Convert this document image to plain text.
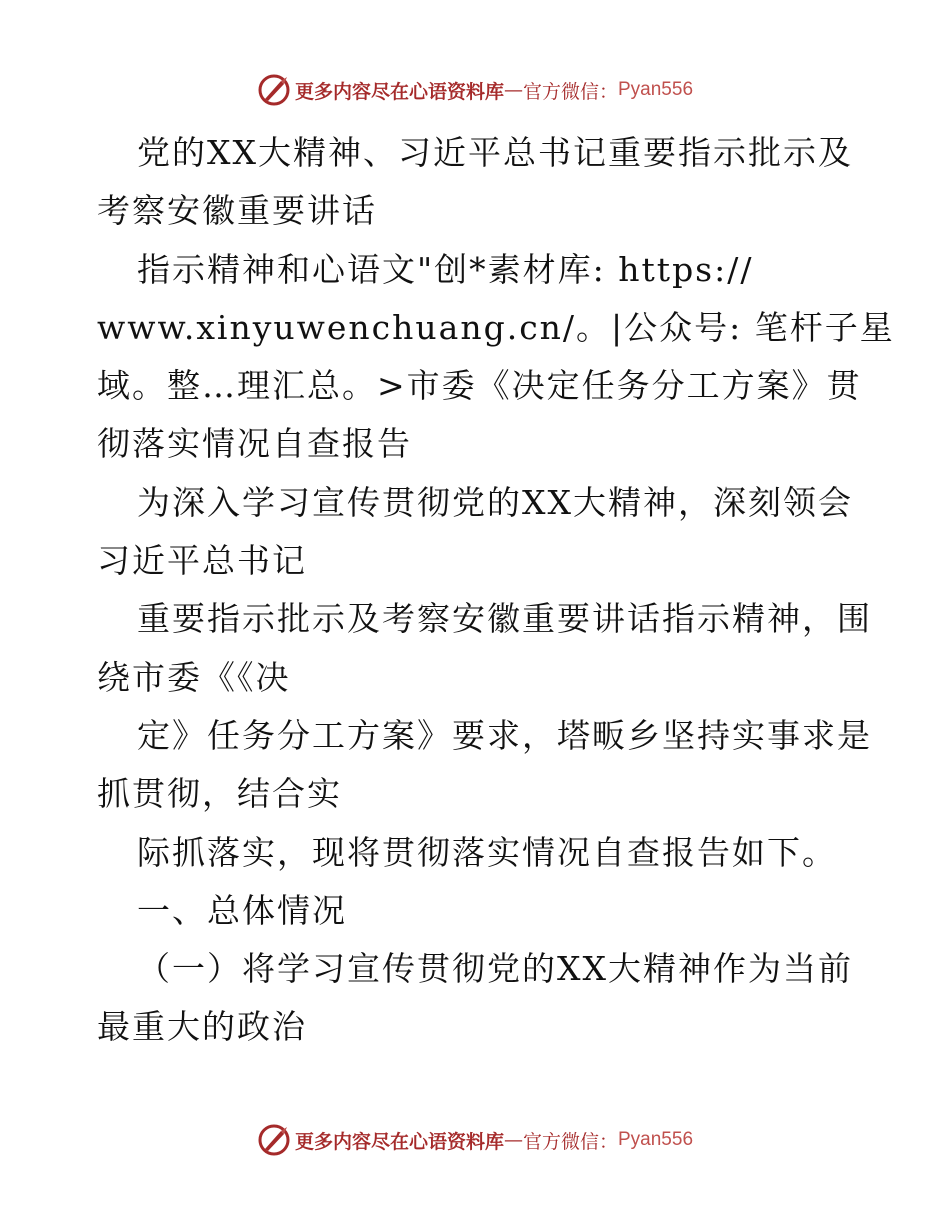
更多内容尽在心语资料库 — 官方微信： Pyan556
党的XX大精神、习近平总书记重要指示批示及
考察安徽重要讲话
指示精神和心语文"创*素材库: https://
www.xinyuwenchuang.cn/。|公众号: 笔杆子星
域。整…理汇总。>市委《决定任务分工方案》贯
彻落实情况自查报告
为深入学习宣传贯彻党的XX大精神，深刻领会
习近平总书记
重要指示批示及考察安徽重要讲话指示精神，围
绕市委《《决
定》任务分工方案》要求，塔畈乡坚持实事求是
抓贯彻，结合实
际抓落实，现将贯彻落实情况自查报告如下。
一、总体情况
（一）将学习宣传贯彻党的XX大精神作为当前
最重大的政治
更多内容尽在心语资料库 — 官方微信： Pyan556
